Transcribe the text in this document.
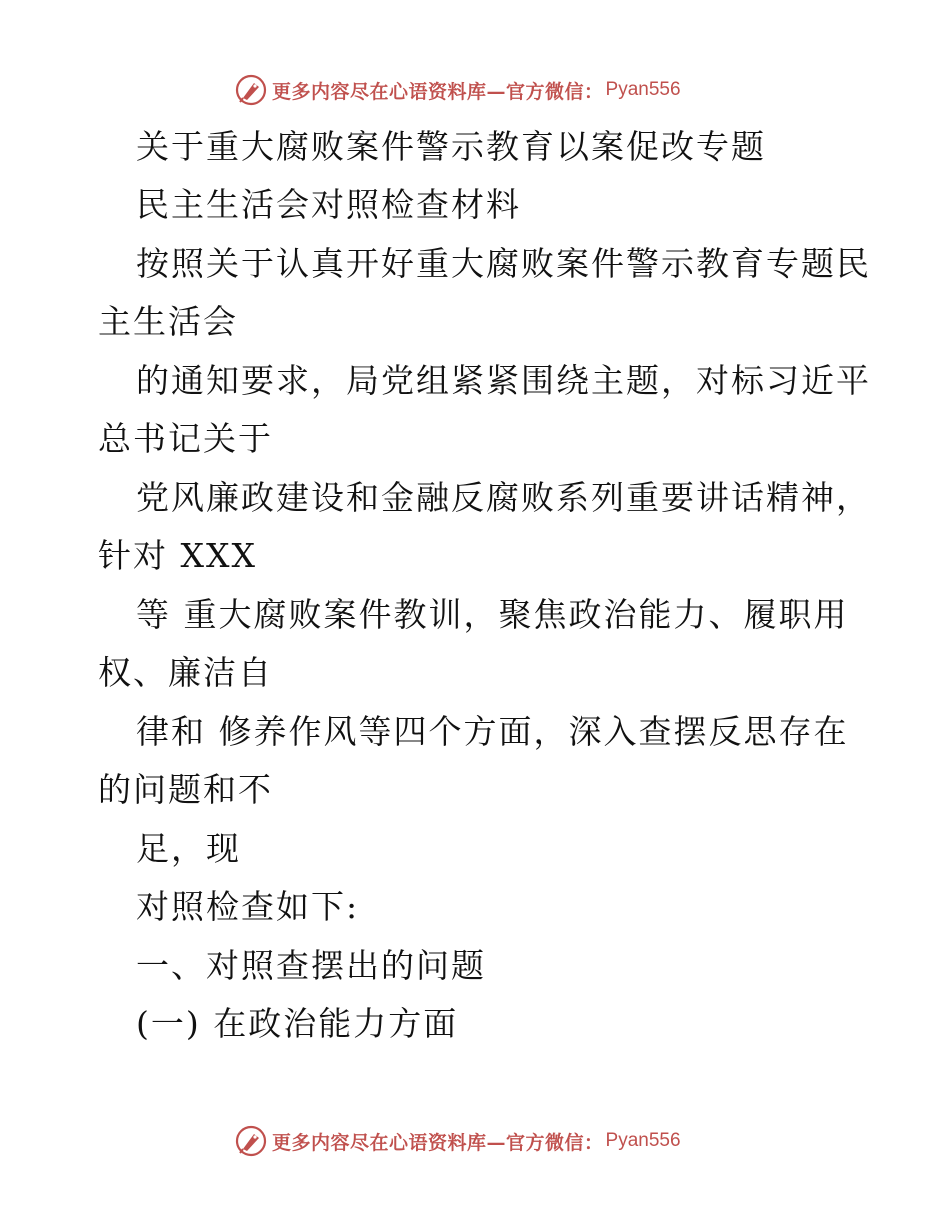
更多内容尽在心语资料库—官方微信： Pyan556
关于重大腐败案件警示教育以案促改专题
民主生活会对照检查材料
按照关于认真开好重大腐败案件警示教育专题民
主生活会
的通知要求，局党组紧紧围绕主题，对标习近平
总书记关于
党风廉政建设和金融反腐败系列重要讲话精神，
针对 XXX
等 重大腐败案件教训，聚焦政治能力、履职用
权、廉洁自
律和 修养作风等四个方面，深入查摆反思存在
的问题和不
足，现
对照检查如下:
一、对照查摆出的问题
(一) 在政治能力方面
更多内容尽在心语资料库—官方微信： Pyan556
